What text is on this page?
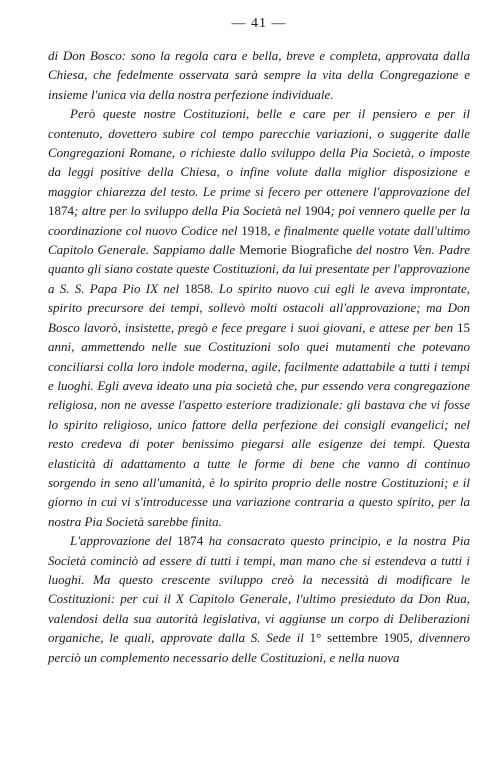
— 41 —

di Don Bosco: sono la regola cara e bella, breve e completa, approvata dalla Chiesa, che fedelmente osservata sarà sempre la vita della Congregazione e insieme l'unica via della nostra perfezione individuale.

Però queste nostre Costituzioni, belle e care per il pensiero e per il contenuto, dovettero subire col tempo parecchie variazioni, o suggerite dalle Congregazioni Romane, o richieste dallo sviluppo della Pia Società, o imposte da leggi positive della Chiesa, o infine volute dalla miglior disposizione e maggior chiarezza del testo. Le prime si fecero per ottenere l'approvazione del 1874; altre per lo sviluppo della Pia Società nel 1904; poi vennero quelle per la coordinazione col nuovo Codice nel 1918, e finalmente quelle votate dall'ultimo Capitolo Generale. Sappiamo dalle Memorie Biografiche del nostro Ven. Padre quanto gli siano costate queste Costituzioni, da lui presentate per l'approvazione a S. S. Papa Pio IX nel 1858. Lo spirito nuovo cui egli le aveva improntate, spirito precursore dei tempi, sollevò molti ostacoli all'approvazione; ma Don Bosco lavorò, insistette, pregò e fece pregare i suoi giovani, e attese per ben 15 anni, ammettendo nelle sue Costituzioni solo quei mutamenti che potevano conciliarsi colla loro indole moderna, agile, facilmente adattabile a tutti i tempi e luoghi. Egli aveva ideato una pia società che, pur essendo vera congregazione religiosa, non ne avesse l'aspetto esteriore tradizionale: gli bastava che vi fosse lo spirito religioso, unico fattore della perfezione dei consigli evangelici; nel resto credeva di poter benissimo piegarsi alle esigenze dei tempi. Questa elasticità di adattamento a tutte le forme di bene che vanno di continuo sorgendo in seno all'umanità, è lo spirito proprio delle nostre Costituzioni; e il giorno in cui vi s'introducesse una variazione contraria a questo spirito, per la nostra Pia Società sarebbe finita.

L'approvazione del 1874 ha consacrato questo principio, e la nostra Pia Società cominciò ad essere di tutti i tempi, man mano che si estendeva a tutti i luoghi. Ma questo crescente sviluppo creò la necessità di modificare le Costituzioni: per cui il X Capitolo Generale, l'ultimo presieduto da Don Rua, valendosi della sua autorità legislativa, vi aggiunse un corpo di Deliberazioni organiche, le quali, approvate dalla S. Sede il 1° settembre 1905, divennero perciò un complemento necessario delle Costituzioni, e nella nuova
